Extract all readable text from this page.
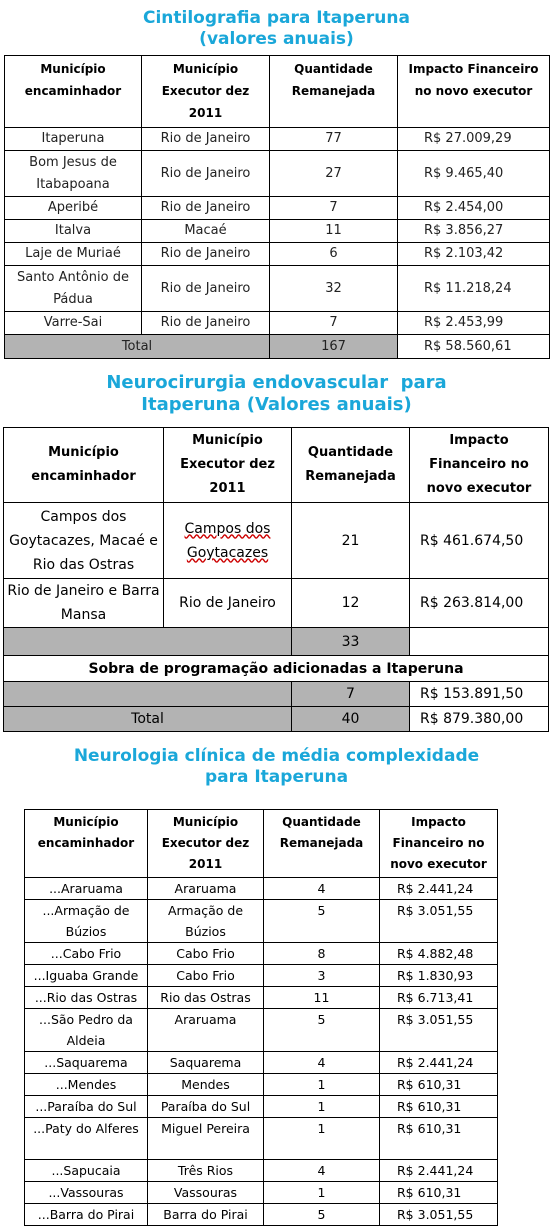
Cintilografia para Itaperuna
(valores anuais)
Município encaminhador	Município Executor dez 2011	Quantidade Remanejada	Impacto Financeiro no novo executor
Itaperuna	Rio de Janeiro	77	R$ 27.009,29
Bom Jesus de Itabapoana	Rio de Janeiro	27	R$ 9.465,40
Aperibé	Rio de Janeiro	7	R$ 2.454,00
Italva	Macaé	11	R$ 3.856,27
Laje de Muriaé	Rio de Janeiro	6	R$ 2.103,42
Santo Antônio de Pádua	Rio de Janeiro	32	R$ 11.218,24
Varre-Sai	Rio de Janeiro	7	R$ 2.453,99
Total		167	R$ 58.560,61
Neurocirurgia endovascular  para
Itaperuna (Valores anuais)
Município encaminhador	Município Executor dez 2011	Quantidade Remanejada	Impacto Financeiro no novo executor
Campos dos Goytacazes, Macaé e Rio das Ostras	Campos dos Goytacazes	21	R$ 461.674,50
Rio de Janeiro e Barra Mansa	Rio de Janeiro	12	R$ 263.814,00
		33	
Sobra de programação adicionadas a Itaperuna			
		7	R$ 153.891,50
Total		40	R$ 879.380,00
Neurologia clínica de média complexidade
para Itaperuna
Município encaminhador	Município Executor dez 2011	Quantidade Remanejada	Impacto Financeiro no novo executor
...Araruama	Araruama	4	R$ 2.441,24
...Armação de Búzios	Armação de Búzios	5	R$ 3.051,55
...Cabo Frio	Cabo Frio	8	R$ 4.882,48
...Iguaba Grande	Cabo Frio	3	R$ 1.830,93
...Rio das Ostras	Rio das Ostras	11	R$ 6.713,41
...São Pedro da Aldeia	Araruama	5	R$ 3.051,55
...Saquarema	Saquarema	4	R$ 2.441,24
...Mendes	Mendes	1	R$ 610,31
...Paraíba do Sul	Paraíba do Sul	1	R$ 610,31
...Paty do Alferes	Miguel Pereira	1	R$ 610,31
...Sapucaia	Três Rios	4	R$ 2.441,24
...Vassouras	Vassouras	1	R$ 610,31
...Barra do Pirai	Barra do Pirai	5	R$ 3.051,55
